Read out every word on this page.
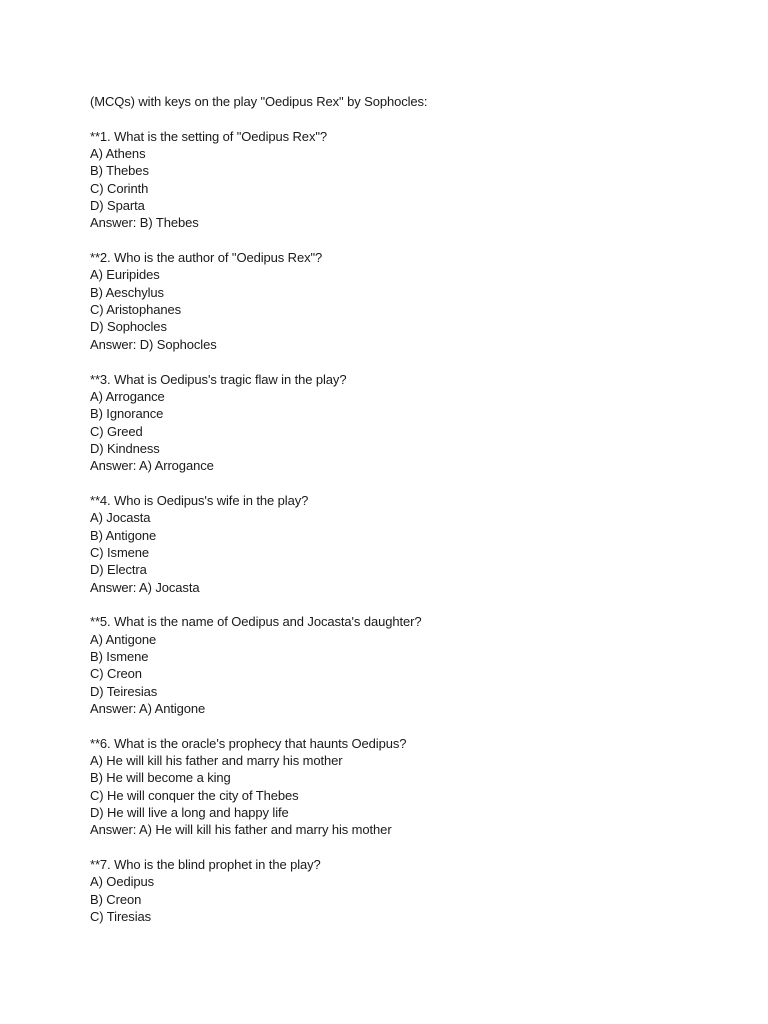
(MCQs) with keys on the play "Oedipus Rex" by Sophocles:
**1. What is the setting of "Oedipus Rex"?
A) Athens
B) Thebes
C) Corinth
D) Sparta
Answer: B) Thebes
**2. Who is the author of "Oedipus Rex"?
A) Euripides
B) Aeschylus
C) Aristophanes
D) Sophocles
Answer: D) Sophocles
**3. What is Oedipus's tragic flaw in the play?
A) Arrogance
B) Ignorance
C) Greed
D) Kindness
Answer: A) Arrogance
**4. Who is Oedipus's wife in the play?
A) Jocasta
B) Antigone
C) Ismene
D) Electra
Answer: A) Jocasta
**5. What is the name of Oedipus and Jocasta's daughter?
A) Antigone
B) Ismene
C) Creon
D) Teiresias
Answer: A) Antigone
**6. What is the oracle's prophecy that haunts Oedipus?
A) He will kill his father and marry his mother
B) He will become a king
C) He will conquer the city of Thebes
D) He will live a long and happy life
Answer: A) He will kill his father and marry his mother
**7. Who is the blind prophet in the play?
A) Oedipus
B) Creon
C) Tiresias
